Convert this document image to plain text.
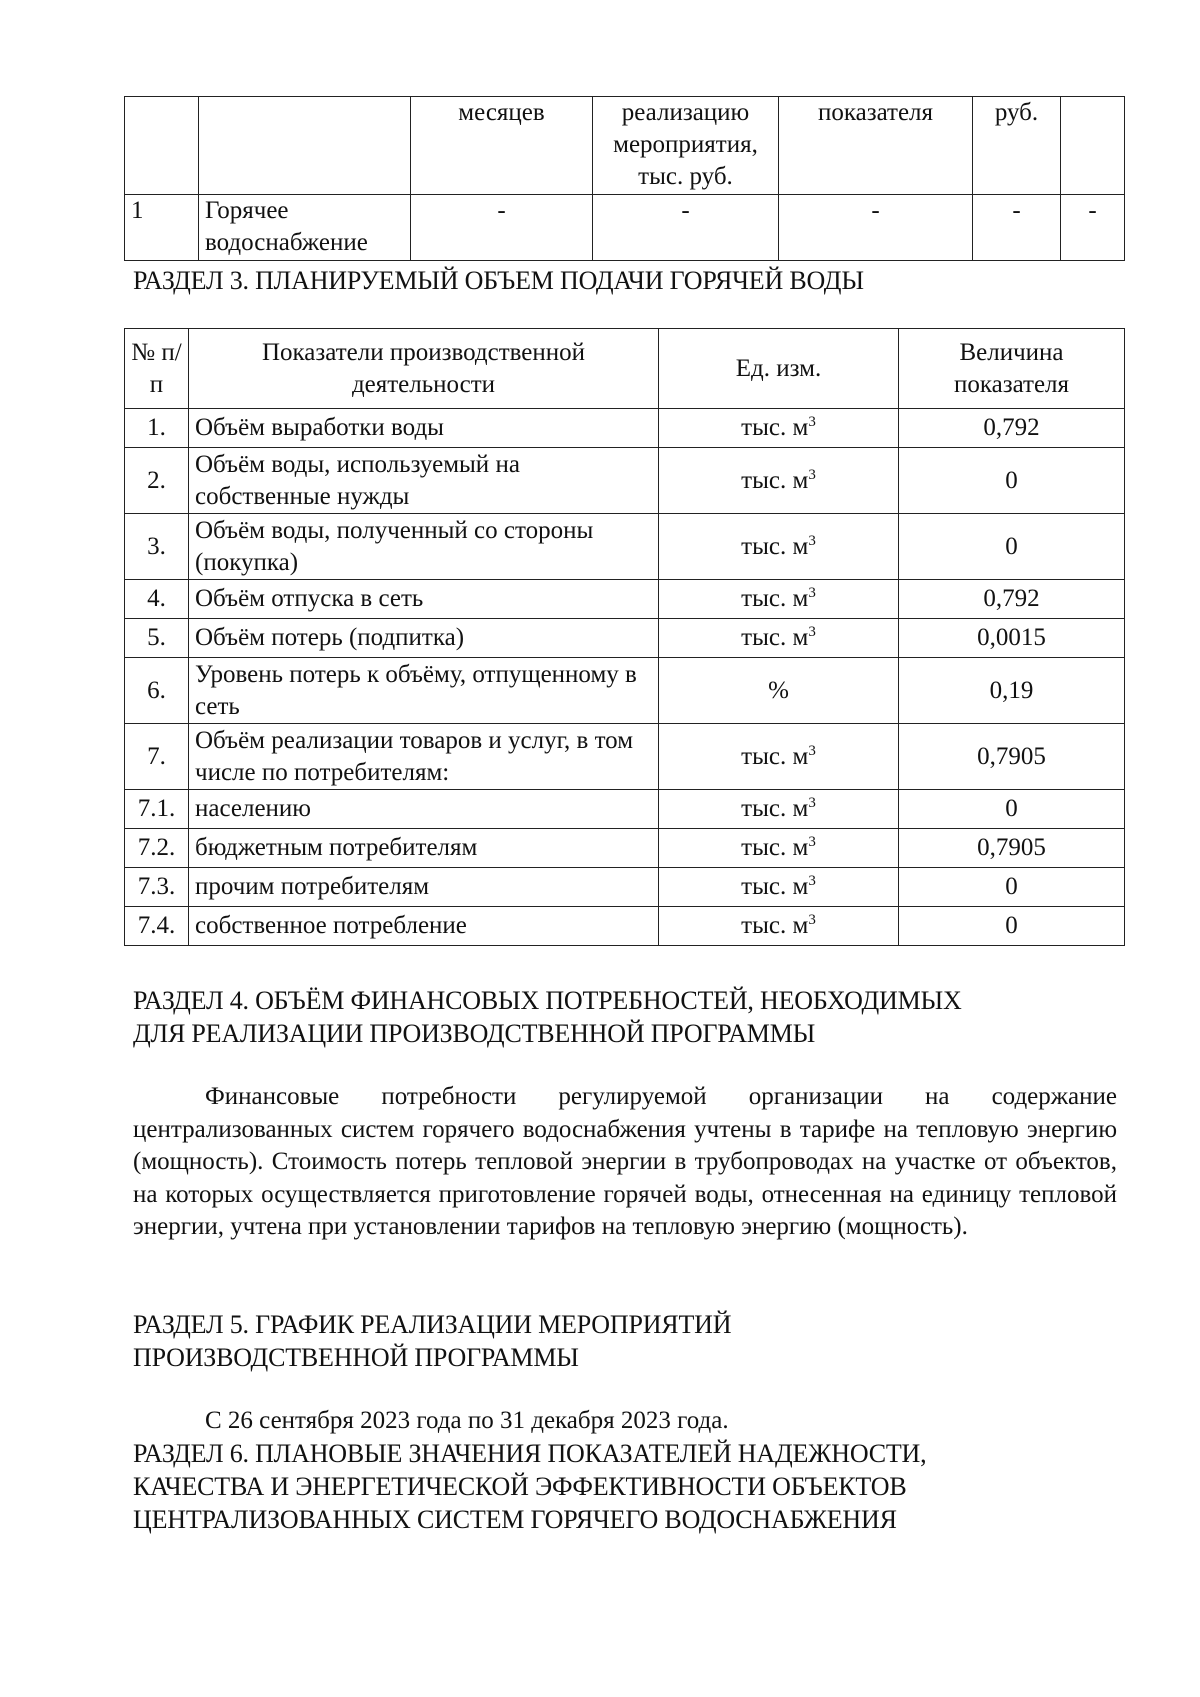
		месяцев	реализацию мероприятия, тыс. руб.	показателя	руб.	
1	Горячее водоснабжение	-	-	-	-	-
РАЗДЕЛ 3. ПЛАНИРУЕМЫЙ ОБЪЕМ ПОДАЧИ ГОРЯЧЕЙ ВОДЫ
№ п/п	Показатели производственной деятельности	Ед. изм.	Величина показателя
1.	Объём выработки воды	тыс. $м^3$	0,792
2.	Объём воды, используемый на собственные нужды	тыс. $м^3$	0
3.	Объём воды, полученный со стороны (покупка)	тыс. $м^3$	0
4.	Объём отпуска в сеть	тыс. $м^3$	0,792
5.	Объём потерь (подпитка)	тыс. $м^3$	0,0015
6.	Уровень потерь к объёму, отпущенному в сеть	%	0,19
7.	Объём реализации товаров и услуг, в том числе по потребителям:	тыс. $м^3$	0,7905
7.1.	населению	тыс. $м^3$	0
7.2.	бюджетным потребителям	тыс. $м^3$	0,7905
7.3.	прочим потребителям	тыс. $м^3$	0
7.4.	собственное потребление	тыс. $м^3$	0
РАЗДЕЛ 4. ОБЪЁМ ФИНАНСОВЫХ ПОТРЕБНОСТЕЙ, НЕОБХОДИМЫХ
ДЛЯ РЕАЛИЗАЦИИ ПРОИЗВОДСТВЕННОЙ ПРОГРАММЫ
Финансовые потребности регулируемой организации на содержание централизованных систем горячего водоснабжения учтены в тарифе на тепловую энергию (мощность). Стоимость потерь тепловой энергии в трубопроводах на участке от объектов, на которых осуществляется приготовление горячей воды, отнесенная на единицу тепловой энергии, учтена при установлении тарифов на тепловую энергию (мощность).
РАЗДЕЛ 5. ГРАФИК РЕАЛИЗАЦИИ МЕРОПРИЯТИЙ
ПРОИЗВОДСТВЕННОЙ ПРОГРАММЫ
С 26 сентября 2023 года по 31 декабря 2023 года.
РАЗДЕЛ 6. ПЛАНОВЫЕ ЗНАЧЕНИЯ ПОКАЗАТЕЛЕЙ НАДЕЖНОСТИ,
КАЧЕСТВА И ЭНЕРГЕТИЧЕСКОЙ ЭФФЕКТИВНОСТИ ОБЪЕКТОВ
ЦЕНТРАЛИЗОВАННЫХ СИСТЕМ ГОРЯЧЕГО ВОДОСНАБЖЕНИЯ
